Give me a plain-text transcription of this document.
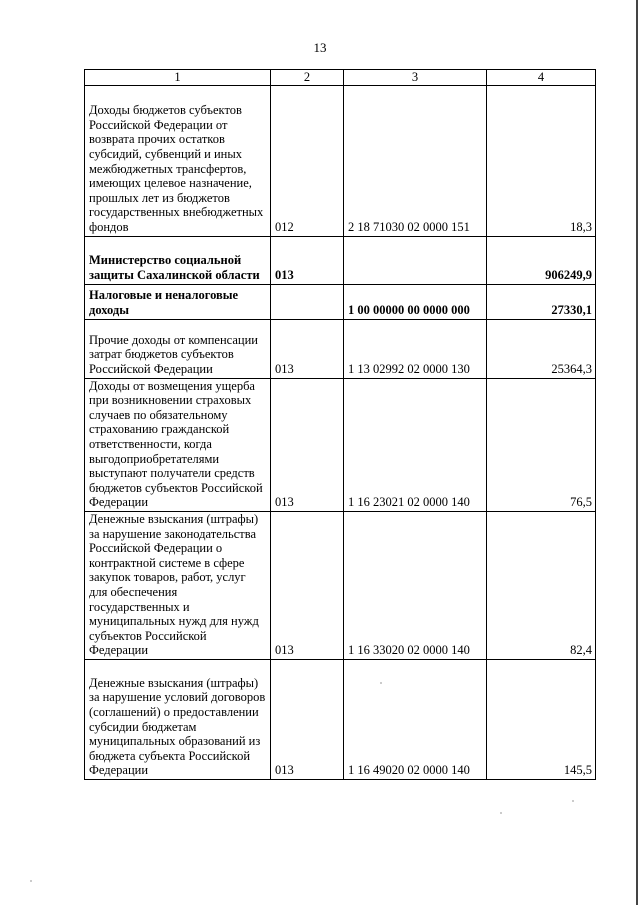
13
1	2	3	4
Доходы бюджетов субъектов Российской Федерации от возврата прочих остатков субсидий, субвенций и иных межбюджетных трансфертов, имеющих целевое назначение, прошлых лет из бюджетов государственных внебюджетных фондов	012	2 18 71030 02 0000 151	18,3
Министерство социальной защиты Сахалинской области	013		906249,9
Налоговые и неналоговые доходы		1 00 00000 00 0000 000	27330,1
Прочие доходы от компенсации затрат бюджетов субъектов Российской Федерации	013	1 13 02992 02 0000 130	25364,3
Доходы от возмещения ущерба при возникновении страховых случаев по обязательному страхованию гражданской ответственности, когда выгодоприобретателями выступают получатели средств бюджетов субъектов Российской Федерации	013	1 16 23021 02 0000 140	76,5
Денежные взыскания (штрафы) за нарушение законодательства Российской Федерации о контрактной системе в сфере закупок товаров, работ, услуг для обеспечения государственных и муниципальных нужд для нужд субъектов Российской Федерации	013	1 16 33020 02 0000 140	82,4
Денежные взыскания (штрафы) за нарушение условий договоров (соглашений) о предоставлении субсидии бюджетам муниципальных образований из бюджета субъекта Российской Федерации	013	1 16 49020 02 0000 140	145,5
